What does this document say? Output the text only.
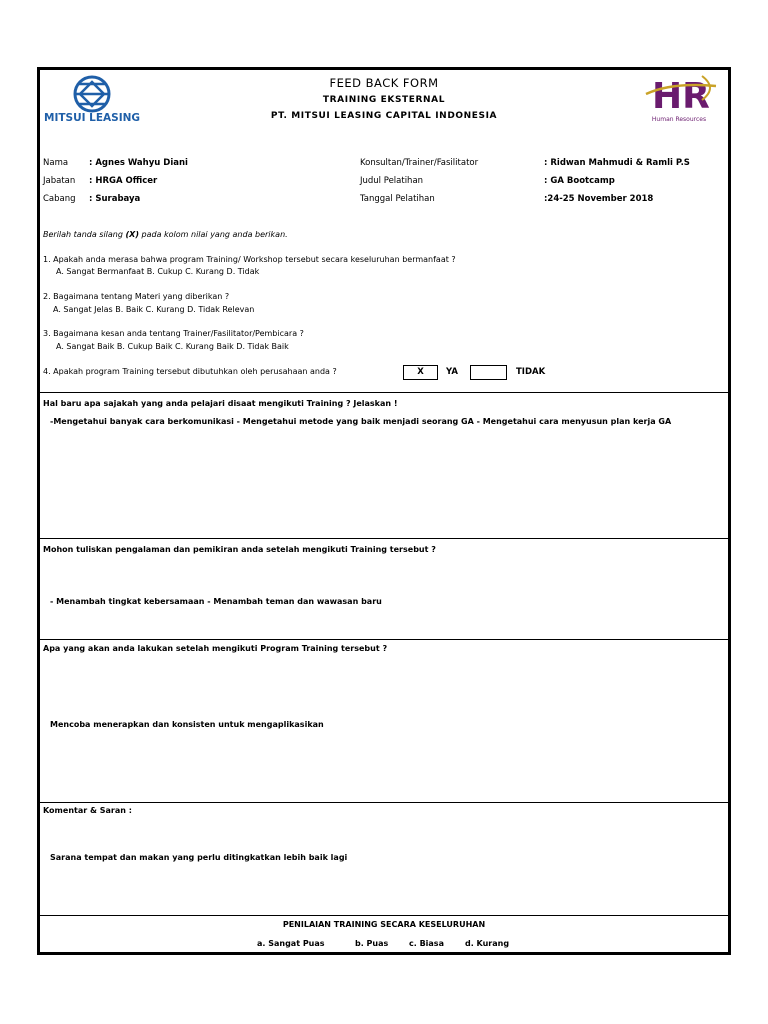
MITSUI LEASING
HR
Human Resources
FEED BACK FORM
TRAINING EKSTERNAL
PT. MITSUI LEASING CAPITAL INDONESIA
Nama : Agnes Wahyu Diani
Jabatan : HRGA Officer
Cabang : Surabaya
Konsultan/Trainer/Fasilitator	: Ridwan Mahmudi & Ramli P.S
Judul Pelatihan	: GA Bootcamp
Tanggal Pelatihan	:24-25 November 2018
Berilah tanda silang (X) pada kolom nilai yang anda berikan.
1. Apakah anda merasa bahwa program Training/ Workshop tersebut secara keseluruhan bermanfaat ?
A. Sangat Bermanfaat B. Cukup C. Kurang D. Tidak
2. Bagaimana tentang Materi yang diberikan ?
A. Sangat Jelas B. Baik C. Kurang D. Tidak Relevan
3. Bagaimana kesan anda tentang Trainer/Fasilitator/Pembicara ?
A. Sangat Baik B. Cukup Baik C. Kurang Baik D. Tidak Baik
4. Apakah program Training tersebut dibutuhkan oleh perusahaan anda ?	X	YA	TIDAK
Hal baru apa sajakah yang anda pelajari disaat mengikuti Training ? Jelaskan !
-Mengetahui banyak cara berkomunikasi - Mengetahui metode yang baik menjadi seorang GA - Mengetahui cara menyusun plan kerja GA
Mohon tuliskan pengalaman dan pemikiran anda setelah mengikuti Training tersebut ?
- Menambah tingkat kebersamaan - Menambah teman dan wawasan baru
Apa yang akan anda lakukan setelah mengikuti Program Training tersebut ?
Mencoba menerapkan dan konsisten untuk mengaplikasikan
Komentar & Saran :
Sarana tempat dan makan yang perlu ditingkatkan lebih baik lagi
PENILAIAN TRAINING SECARA KESELURUHAN
a. Sangat Puas	b. Puas	c. Biasa	d. Kurang
